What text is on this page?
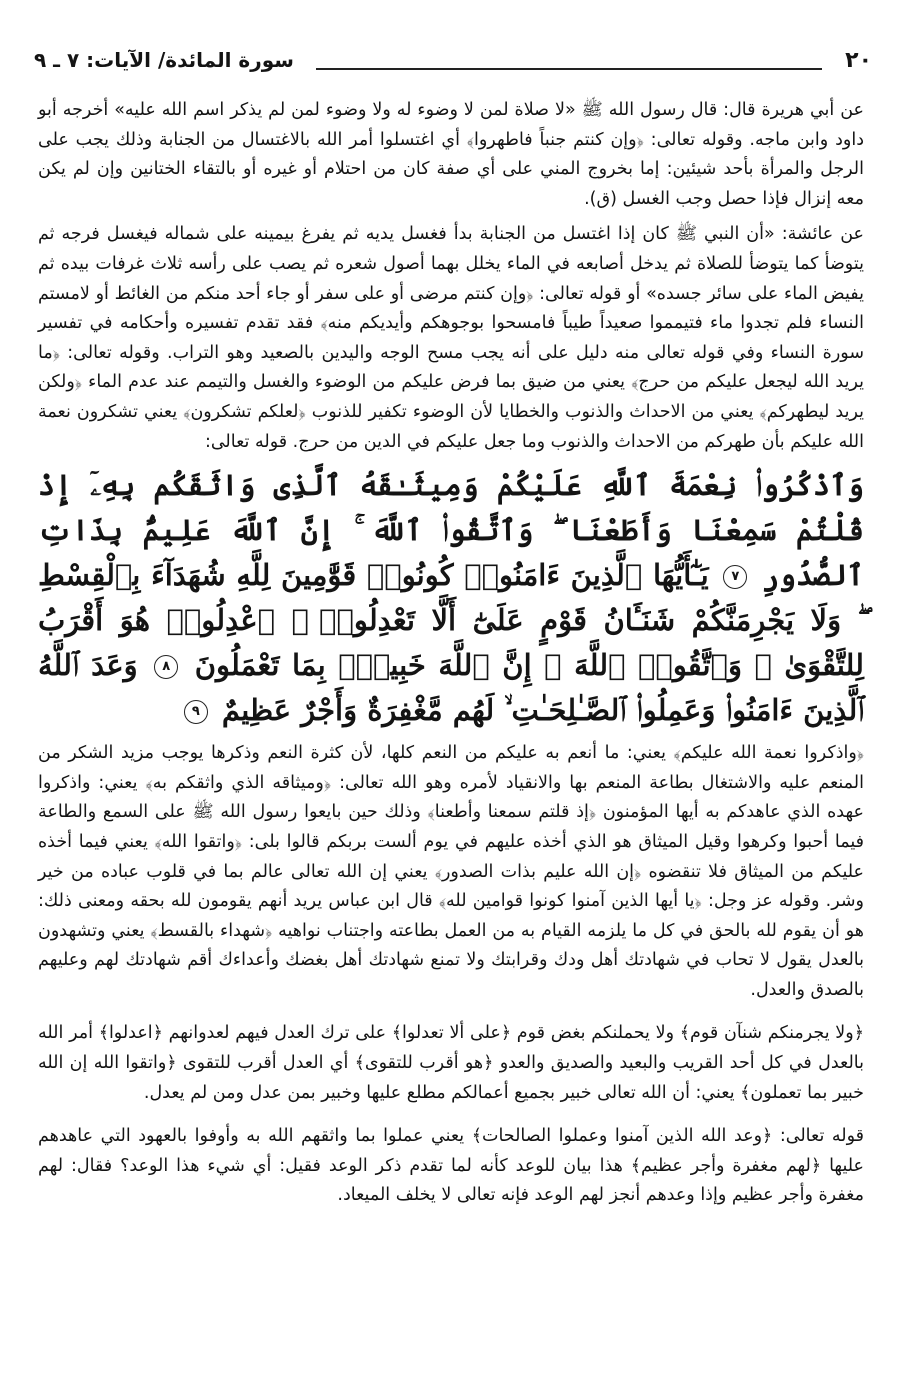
٢٠
سورة المائدة/ الآيات: ٧ ـ ٩

عن أبي هريرة قال: قال رسول الله ﷺ «لا صلاة لمن لا وضوء له ولا وضوء لمن لم يذكر اسم الله عليه» أخرجه أبو داود وابن ماجه. وقوله تعالى: ﴿وإن كنتم جنباً فاطهروا﴾ أي اغتسلوا أمر الله بالاغتسال من الجنابة وذلك يجب على الرجل والمرأة بأحد شيئين: إما بخروج المني على أي صفة كان من احتلام أو غيره أو بالتقاء الختانين وإن لم يكن معه إنزال فإذا حصل وجب الغسل (ق).

عن عائشة: «أن النبي ﷺ كان إذا اغتسل من الجنابة بدأ فغسل يديه ثم يفرغ بيمينه على شماله فيغسل فرجه ثم يتوضأ كما يتوضأ للصلاة ثم يدخل أصابعه في الماء يخلل بهما أصول شعره ثم يصب على رأسه ثلاث غرفات بيده ثم يفيض الماء على سائر جسده» أو قوله تعالى: ﴿وإن كنتم مرضى أو على سفر أو جاء أحد منكم من الغائط أو لامستم النساء فلم تجدوا ماء فتيمموا صعيداً طيباً فامسحوا بوجوهكم وأيديكم منه﴾ فقد تقدم تفسيره وأحكامه في تفسير سورة النساء وفي قوله تعالى منه دليل على أنه يجب مسح الوجه واليدين بالصعيد وهو التراب. وقوله تعالى: ﴿ما يريد الله ليجعل عليكم من حرج﴾ يعني من ضيق بما فرض عليكم من الوضوء والغسل والتيمم عند عدم الماء ﴿ولكن يريد ليطهركم﴾ يعني من الاحداث والذنوب والخطايا لأن الوضوء تكفير للذنوب ﴿لعلكم تشكرون﴾ يعني تشكرون نعمة الله عليكم بأن طهركم من الاحداث والذنوب وما جعل عليكم في الدين من حرج. قوله تعالى:

وَٱذْكُرُوا۟ نِعْمَةَ ٱللَّهِ عَلَيْكُمْ وَمِيثَـٰقَهُ ٱلَّذِى وَاثَقَكُم بِهِۦٓ إِذْ قُلْتُمْ سَمِعْنَا وَأَطَعْنَا ۖ وَٱتَّقُوا۟ ٱللَّهَ ۚ إِنَّ ٱللَّهَ عَلِيمٌۢ بِذَاتِ ٱلصُّدُورِ ٧ يَـٰٓأَيُّهَا ٱلَّذِينَ ءَامَنُوا۟ كُونُوا۟ قَوَّٰمِينَ لِلَّهِ شُهَدَآءَ بِٱلْقِسْطِ ۖ وَلَا يَجْرِمَنَّكُمْ شَنَـَٔانُ قَوْمٍ عَلَىٰٓ أَلَّا تَعْدِلُوا۟ ۚ ٱعْدِلُوا۟ هُوَ أَقْرَبُ لِلتَّقْوَىٰ ۖ وَٱتَّقُوا۟ ٱللَّهَ ۚ إِنَّ ٱللَّهَ خَبِيرٌۢ بِمَا تَعْمَلُونَ ٨ وَعَدَ ٱللَّهُ ٱلَّذِينَ ءَامَنُوا۟ وَعَمِلُوا۟ ٱلصَّـٰلِحَـٰتِ ۙ لَهُم مَّغْفِرَةٌ وَأَجْرٌ عَظِيمٌ ٩

﴿واذكروا نعمة الله عليكم﴾ يعني: ما أنعم به عليكم من النعم كلها، لأن كثرة النعم وذكرها يوجب مزيد الشكر من المنعم عليه والاشتغال بطاعة المنعم بها والانقياد لأمره وهو الله تعالى: ﴿وميثاقه الذي واثقكم به﴾ يعني: واذكروا عهده الذي عاهدكم به أيها المؤمنون ﴿إذ قلتم سمعنا وأطعنا﴾ وذلك حين بايعوا رسول الله ﷺ على السمع والطاعة فيما أحبوا وكرهوا وقيل الميثاق هو الذي أخذه عليهم في يوم ألست بربكم قالوا بلى: ﴿واتقوا الله﴾ يعني فيما أخذه عليكم من الميثاق فلا تنقضوه ﴿إن الله عليم بذات الصدور﴾ يعني إن الله تعالى عالم بما في قلوب عباده من خير وشر. وقوله عز وجل: ﴿يا أيها الذين آمنوا كونوا قوامين لله﴾ قال ابن عباس يريد أنهم يقومون لله بحقه ومعنى ذلك: هو أن يقوم لله بالحق في كل ما يلزمه القيام به من العمل بطاعته واجتناب نواهيه ﴿شهداء بالقسط﴾ يعني وتشهدون بالعدل يقول لا تحاب في شهادتك أهل ودك وقرابتك ولا تمنع شهادتك أهل بغضك وأعداءك أقم شهادتك لهم وعليهم بالصدق والعدل.

﴿ولا يجرمنكم شنآن قوم﴾ ولا يحملنكم بغض قوم ﴿على ألا تعدلوا﴾ على ترك العدل فيهم لعدوانهم ﴿اعدلوا﴾ أمر الله بالعدل في كل أحد القريب والبعيد والصديق والعدو ﴿هو أقرب للتقوى﴾ أي العدل أقرب للتقوى ﴿واتقوا الله إن الله خبير بما تعملون﴾ يعني: أن الله تعالى خبير بجميع أعمالكم مطلع عليها وخبير بمن عدل ومن لم يعدل.

قوله تعالى: ﴿وعد الله الذين آمنوا وعملوا الصالحات﴾ يعني عملوا بما واثقهم الله به وأوفوا بالعهود التي عاهدهم عليها ﴿لهم مغفرة وأجر عظيم﴾ هذا بيان للوعد كأنه لما تقدم ذكر الوعد فقيل: أي شيء هذا الوعد؟ فقال: لهم مغفرة وأجر عظيم وإذا وعدهم أنجز لهم الوعد فإنه تعالى لا يخلف الميعاد.
